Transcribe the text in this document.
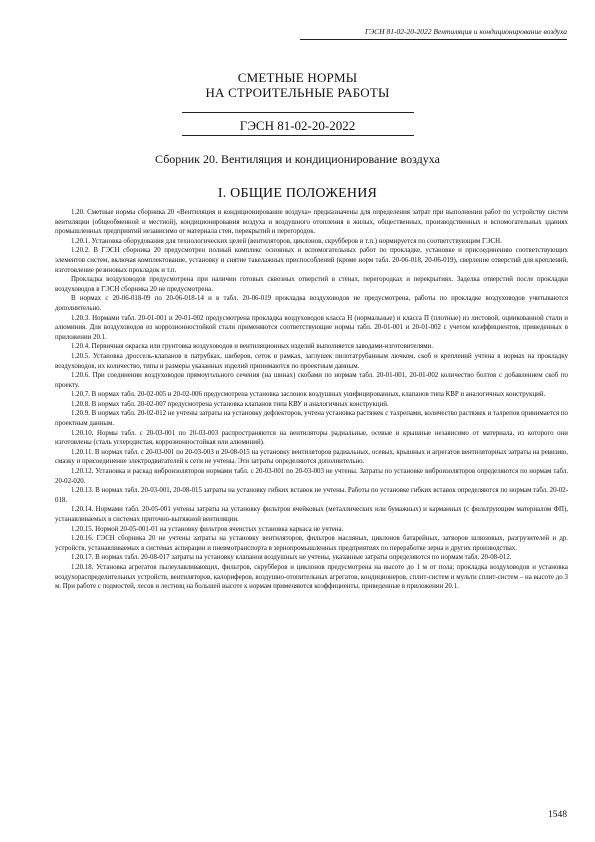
ГЭСН 81-02-20-2022 Вентиляция и кондиционирование воздуха
СМЕТНЫЕ НОРМЫ
НА СТРОИТЕЛЬНЫЕ РАБОТЫ
ГЭСН 81-02-20-2022
Сборник 20. Вентиляция и кондиционирование воздуха
I. ОБЩИЕ ПОЛОЖЕНИЯ

1.20. Сметные нормы сборника 20 «Вентиляция и кондиционирование воздуха» предназначены для определения затрат при выполнении работ по устройству систем вентиляции (общеобменной и местной), кондиционирования воздуха и воздушного отопления в жилых, общественных, производственных и вспомогательных зданиях промышленных предприятий независимо от материала стен, перекрытий и перегородок.

1.20.1. Установка оборудования для технологических целей (вентиляторов, циклонов, скрубберов и т.п.) нормируется по соответствующим ГЭСН.

1.20.2. В ГЭСН сборника 20 предусмотрен полный комплекс основных и вспомогательных работ по прокладке, установке и присоединению соответствующих элементов систем, включая комплектование, установку и снятие такелажных приспособлений (кроме норм табл. 20-06-018, 20-06-019), сверление отверстий для креплений, изготовление резиновых прокладок и т.п.

Прокладка воздуховодов предусмотрена при наличии готовых сквозных отверстий в стенах, перегородках и перекрытиях. Заделка отверстий после прокладки воздуховодов в ГЭСН сборника 20 не предусмотрена.

В нормах с 20-06-018-09 по 20-06-018-14 и в табл. 20-06-019 прокладка воздуховодов не предусмотрена, работы по прокладке воздуховодов учитываются дополнительно.

1.20.3. Нормами табл. 20-01-001 и 20-01-002 предусмотрена прокладка воздуховодов класса Н (нормальные) и класса П (плотные) из листовой, оцинкованной стали и алюминия. Для воздуховодов из коррозионностойкой стали применяются соответствующие нормы табл. 20-01-001 и 20-01-002 с учетом коэффициентов, приведенных в приложении 20.1.

1.20.4. Первичная окраска или грунтовка воздуховодов и вентиляционных изделий выполняется заводами-изготовителями.

1.20.5. Установка дроссель-клапанов в патрубках, шиберов, сеток в рамках, заглушек пилотатрубанным лючком, скоб и креплений учтена в нормах на прокладку воздуховодов, их количество, типы и размеры указанных изделий принимаются по проектным данным.

1.20.6. При соединении воздуховодов прямоугольного сечения (на шинах) скобами по нормам табл. 20-01-001, 20-01-002 количество болтов с добавлением скоб по проекту.

1.20.7. В нормах табл. 20-02-005 и 20-02-006 предусмотрена установка заслонок воздушных унифицированных, клапанов типа КВР и аналогичных конструкций.

1.20.8. В нормах табл. 20-02-007 предусмотрена установка клапанов типа КВУ и аналогичных конструкций.

1.20.9. В нормах табл. 20-02-012 не учтены затраты на установку дефлекторов, учтена установка растяжек с талрепами, количество растяжек и талрепов принимается по проектным данным.

1.20.10. Нормы табл. с 20-03-001 по 20-03-003 распространяются на вентиляторы радиальные, осевые и крышные независимо от материала, из которого они изготовлены (сталь углеродистая, коррозионностойкая или алюминий).

1.20.11. В нормах табл. с 20-03-001 по 20-03-003 и 20-08-015 на установку вентиляторов радиальных, осевых, крышных и агрегатов вентиляторных затраты на ревизию, смазку и присоединение электродвигателей к сети не учтены. Эти затраты определяются дополнительно.

1.20.12. Установка и раскад виброизоляторов нормами табл. с 20-03-001 по 20-03-003 не учтены. Затраты по установке виброизоляторов определяются по нормам табл. 20-02-020.

1.20.13. В нормах табл. 20-03-001, 20-08-015 затраты на установку гибких вставок не учтены. Работы по установке гибких вставок определяются по нормам табл. 20-02-018.

1.20.14. Нормами табл. 20-05-001 учтены затраты на установку фильтров ячейковых (металлических или бумажных) и карманных (с фильтрующим материалом ФП), устанавливаемых в системах приточно-вытяжной вентиляции.

1.20.15. Нормой 20-05-001-01 на установку фильтров ячеистых установка каркаса не учтена.

1.20.16. ГЭСН сборника 20 не учтены затраты на установку вентиляторов, фильтров масляных, циклонов батарейных, затворов шлюзовых, разгрузителей и др. устройств, устанавливаемых в системах аспирации и пневмотранспорта в зернопромышленных предприятиях по переработке зерна и других производствах.

1.20.17. В нормах табл. 20-08-017 затраты на установку клапанов воздушных не учтены, указанные затраты определяются по нормам табл. 20-08-012.

1.20.18. Установка агрегатов пылеулавливающих, фильтров, скрубберов и циклонов предусмотрена на высоте до 1 м от пола; прокладка воздуховодов и установка воздухораспределительных устройств, вентиляторов, калориферов, воздушно-отопительных агрегатов, кондиционеров, сплит-систем и мульти сплит-систем – на высоте до 3 м. При работе с подмостей, лесов и лестниц на большей высоте к нормам применяются коэффициенты, приведенные в приложении 20.1.

1548
